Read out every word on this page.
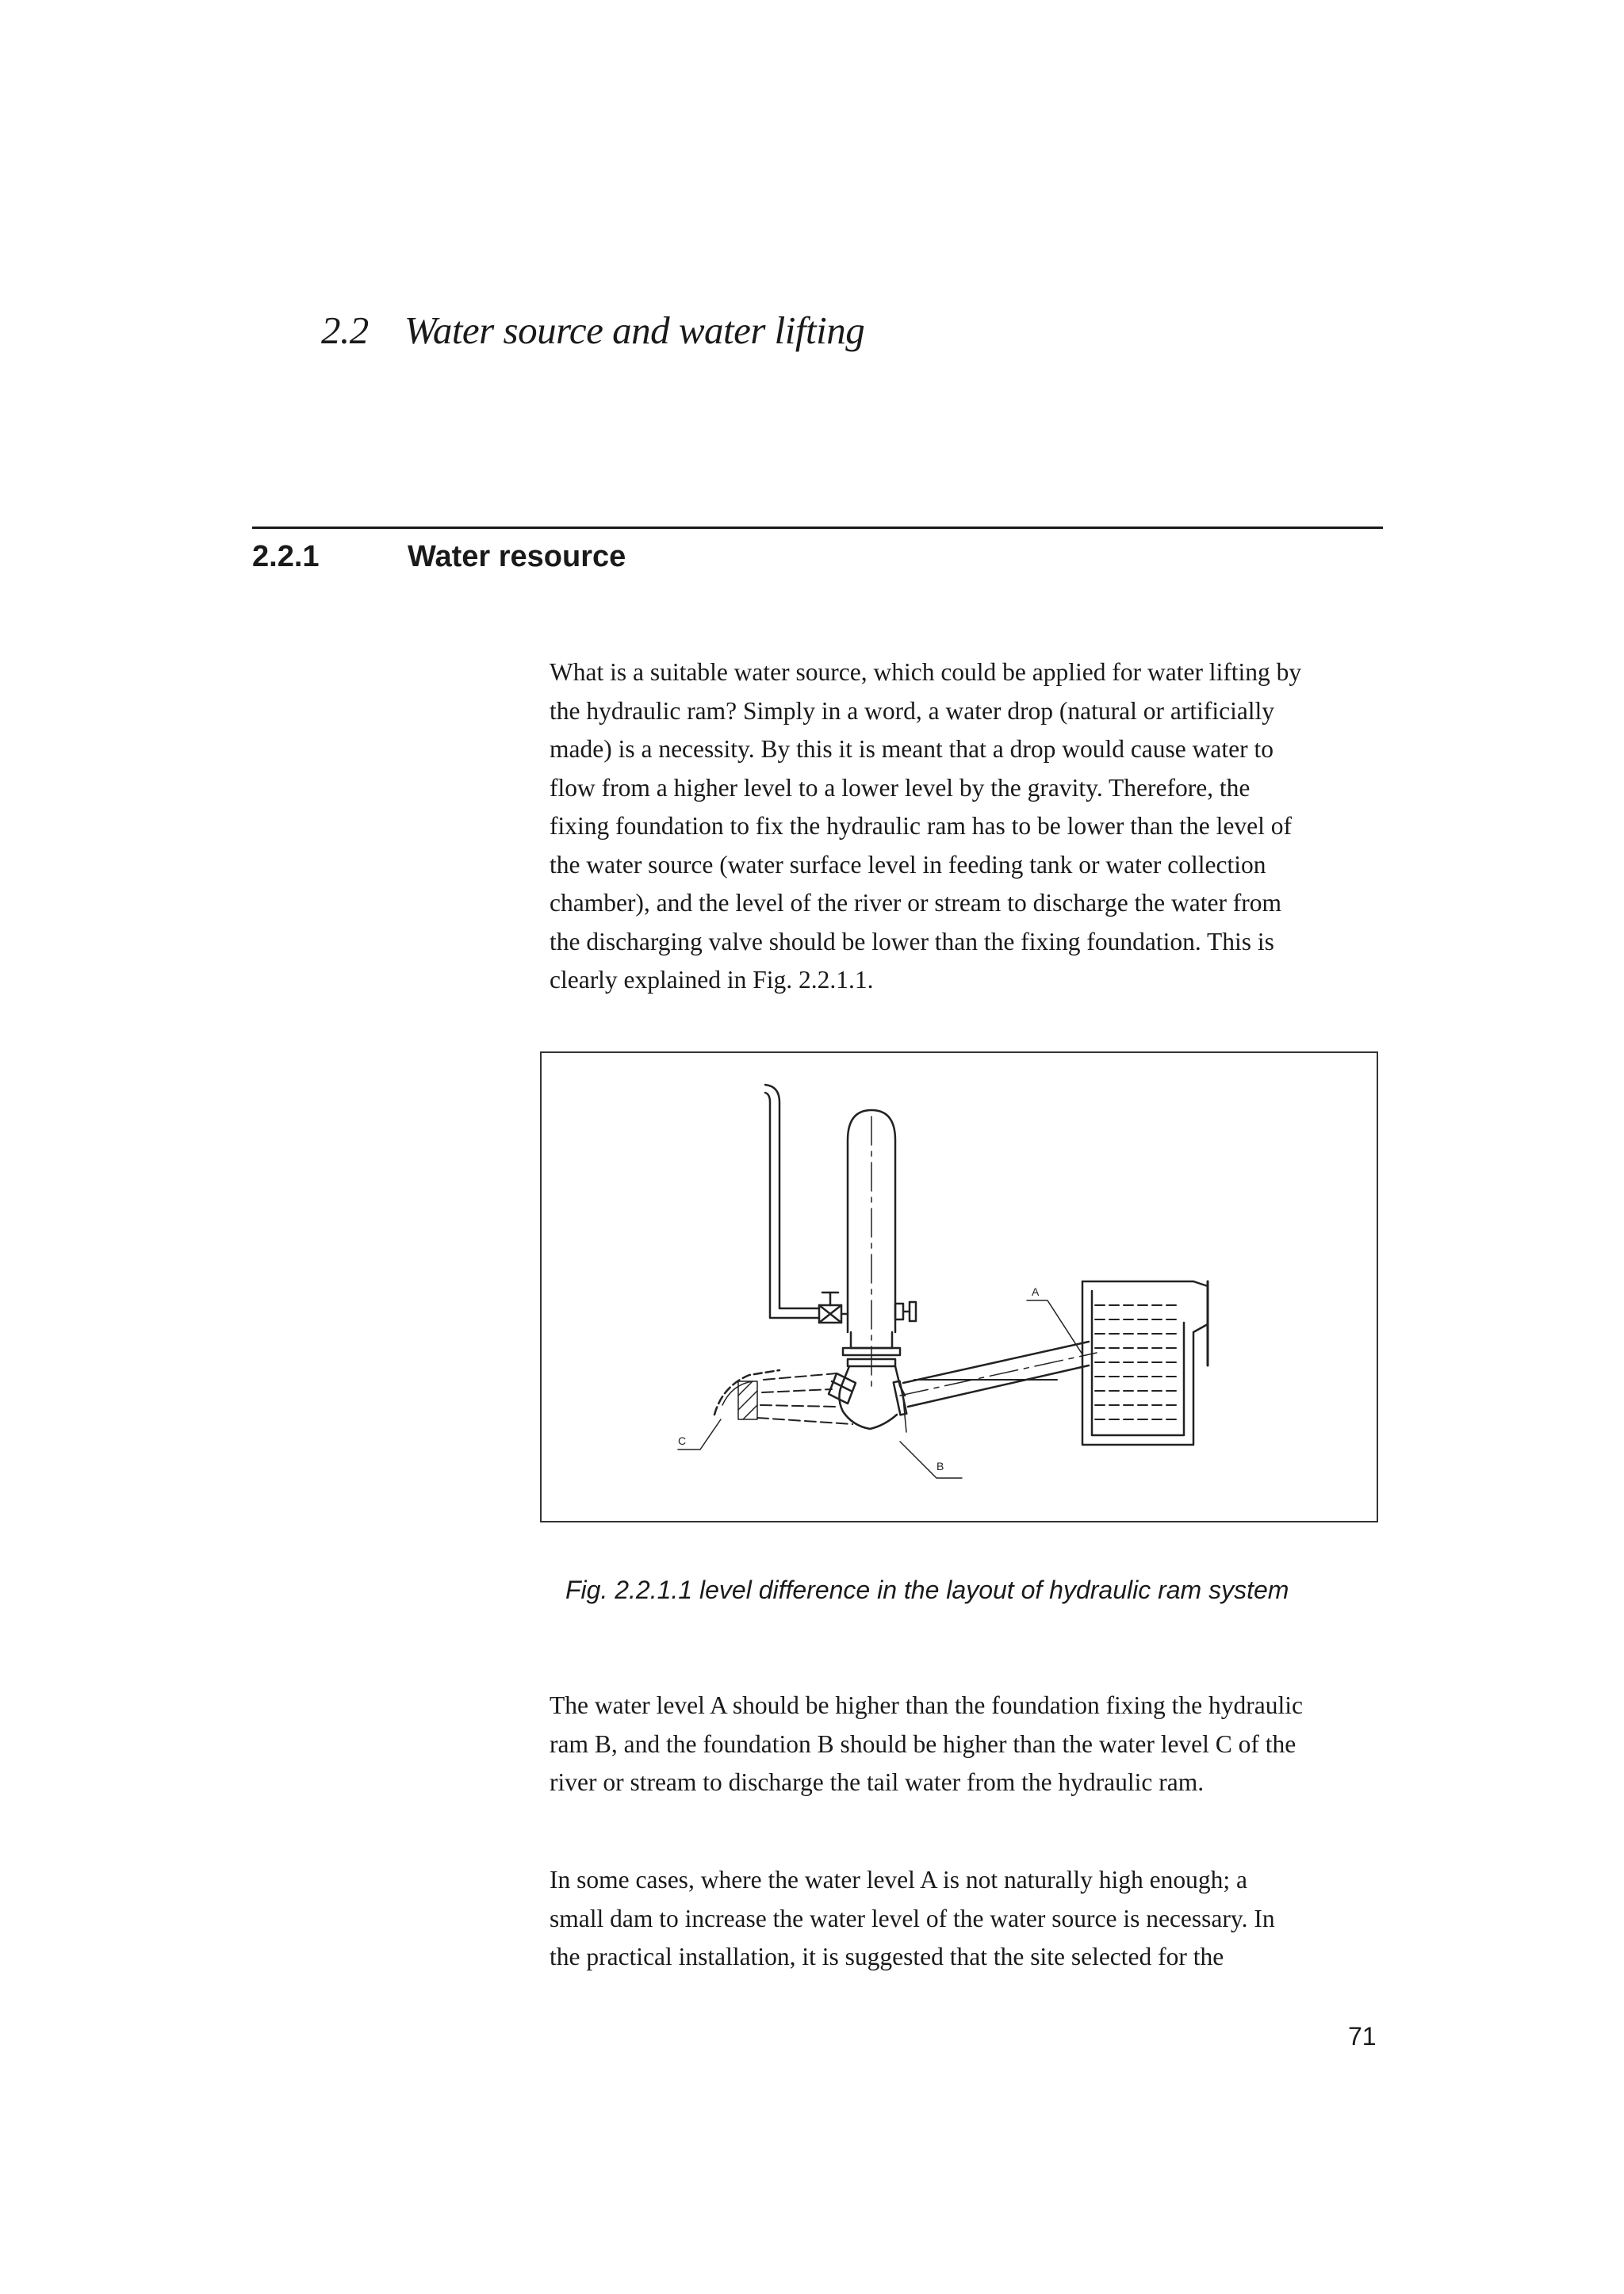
2.2 Water source and water lifting
2.2.1	Water resource

What is a suitable water source, which could be applied for water lifting by
the hydraulic ram? Simply in a word, a water drop (natural or artificially
made) is a necessity. By this it is meant that a drop would cause water to
flow from a higher level to a lower level by the gravity. Therefore, the
fixing foundation to fix the hydraulic ram has to be lower than the level of
the water source (water surface level in feeding tank or water collection
chamber), and the level of the river or stream to discharge the water from
the discharging valve should be lower than the fixing foundation. This is
clearly explained in Fig. 2.2.1.1.

A
C
B

Fig. 2.2.1.1 level difference in the layout of hydraulic ram system

The water level A should be higher than the foundation fixing the hydraulic
ram B, and the foundation B should be higher than the water level C of the
river or stream to discharge the tail water from the hydraulic ram.

In some cases, where the water level A is not naturally high enough; a
small dam to increase the water level of the water source is necessary. In
the practical installation, it is suggested that the site selected for the

71
